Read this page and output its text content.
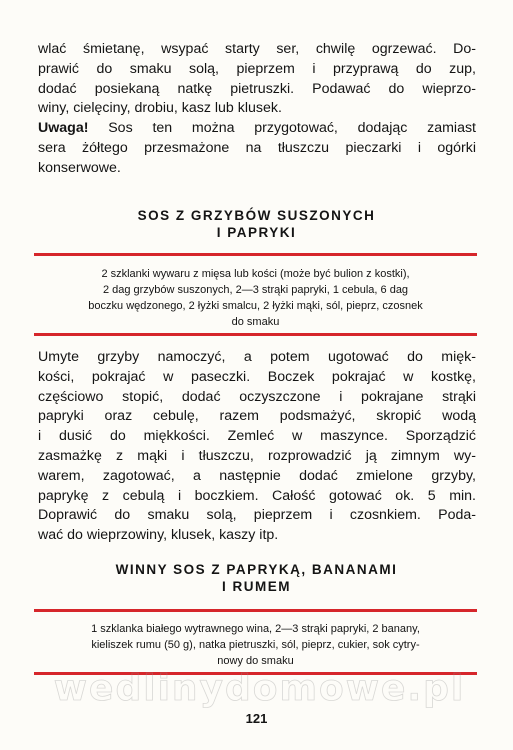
wlać śmietanę, wsypać starty ser, chwilę ogrzewać. Do-
prawić do smaku solą, pieprzem i przyprawą do zup,
dodać posiekaną natkę pietruszki. Podawać do wieprzo-
winy, cielęciny, drobiu, kasz lub klusek.
Uwaga! Sos ten można przygotować, dodając zamiast
sera żółtego przesmażone na tłuszczu pieczarki i ogórki
konserwowe.
SOS Z GRZYBÓW SUSZONYCH
I PAPRYKI
2 szklanki wywaru z mięsa lub kości (może być bulion z kostki),
2 dag grzybów suszonych, 2—3 strąki papryki, 1 cebula, 6 dag
boczku wędzonego, 2 łyżki smalcu, 2 łyżki mąki, sól, pieprz, czosnek
do smaku
Umyte grzyby namoczyć, a potem ugotować do mięk-
kości, pokrajać w paseczki. Boczek pokrajać w kostkę,
częściowo stopić, dodać oczyszczone i pokrajane strąki
papryki oraz cebulę, razem podsmażyć, skropić wodą
i dusić do miękkości. Zemleć w maszynce. Sporządzić
zasmażkę z mąki i tłuszczu, rozprowadzić ją zimnym wy-
warem, zagotować, a następnie dodać zmielone grzyby,
paprykę z cebulą i boczkiem. Całość gotować ok. 5 min.
Doprawić do smaku solą, pieprzem i czosnkiem. Poda-
wać do wieprzowiny, klusek, kaszy itp.
WINNY SOS Z PAPRYKĄ, BANANAMI
I RUMEM
1 szklanka białego wytrawnego wina, 2—3 strąki papryki, 2 banany,
kieliszek rumu (50 g), natka pietruszki, sól, pieprz, cukier, sok cytry-
nowy do smaku
wedlinydomowe.pl
121
